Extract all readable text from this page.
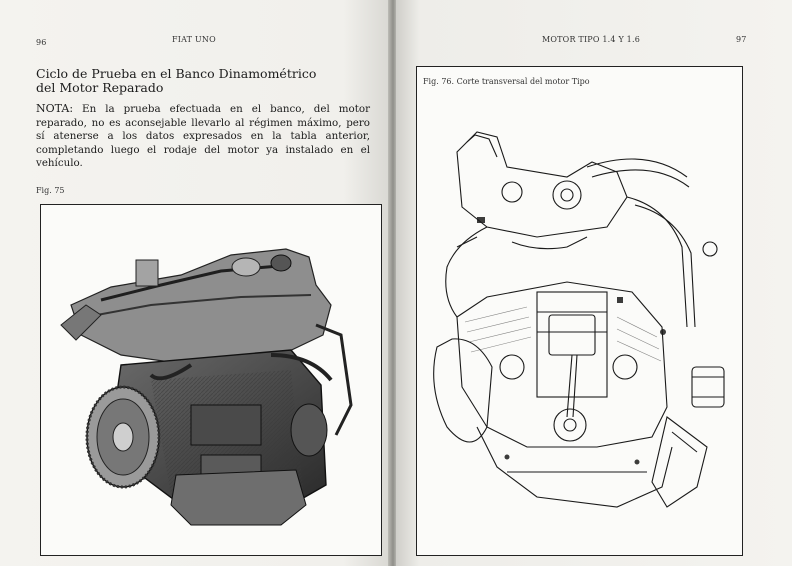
96	FIAT UNO
Ciclo de Prueba en el Banco Dinamométrico
del Motor Reparado

NOTA: En la prueba efectuada en el banco, del motor reparado, no es aconsejable llevarlo al régimen máximo, pero sí atenerse a los datos expresados en la tabla anterior, completando luego el rodaje del motor ya instalado en el vehículo.

Fig. 75
MOTOR TIPO 1.4 Y 1.6	97
Fig. 76. Corte transversal del motor Tipo
